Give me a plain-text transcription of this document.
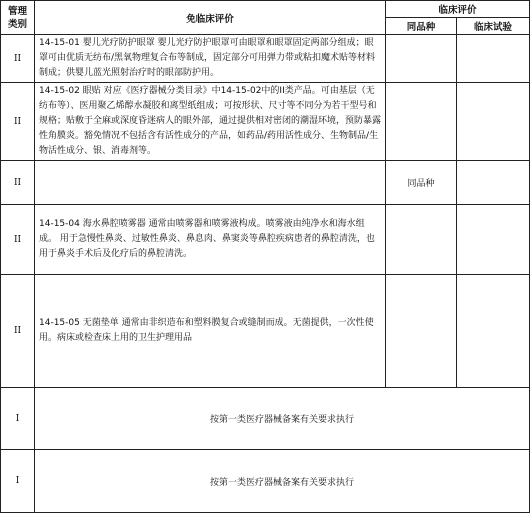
管理
类别	免临床评价	临床评价	
		同品种	临床试验
II	14-15-01 婴儿光疗防护眼罩 婴儿光疗防护眼罩可由眼罩和眼罩固定两部分组成；眼罩可由优质无纺布/黑氧物理复合布等制成，固定部分可用弹力带或粘扣魔术贴等材料制成；供婴儿蓝光照射治疗时的眼部防护用。		
II	14-15-02 眼贴 对应《医疗器械分类目录》中14-15-02中的II类产品。可由基层（无纺布等）、医用聚乙烯醇水凝胶和离型纸组成；可按形状、尺寸等不同分为若干型号和规格；贴敷于全麻或深度昏迷病人的眼外部，通过提供相对密闭的潮湿环境，预防暴露性角膜炎。豁免情况不包括含有活性成分的产品，如药品/药用活性成分、生物制品/生物活性成分、银、消毒剂等。		
II		同品种	
II	14-15-04 海水鼻腔喷雾器 通常由喷雾器和喷雾液构成。喷雾液由纯净水和海水组成。 用于急慢性鼻炎、过敏性鼻炎、鼻息肉、鼻窦炎等鼻腔疾病患者的鼻腔清洗，也用于鼻炎手术后及化疗后的鼻腔清洗。		
II	14-15-05 无菌垫单 通常由非织造布和塑料膜复合或缝制而成。无菌提供，一次性使用。病床或检查床上用的卫生护理用品		
I	按第一类医疗器械备案有关要求执行		
I	按第一类医疗器械备案有关要求执行		
